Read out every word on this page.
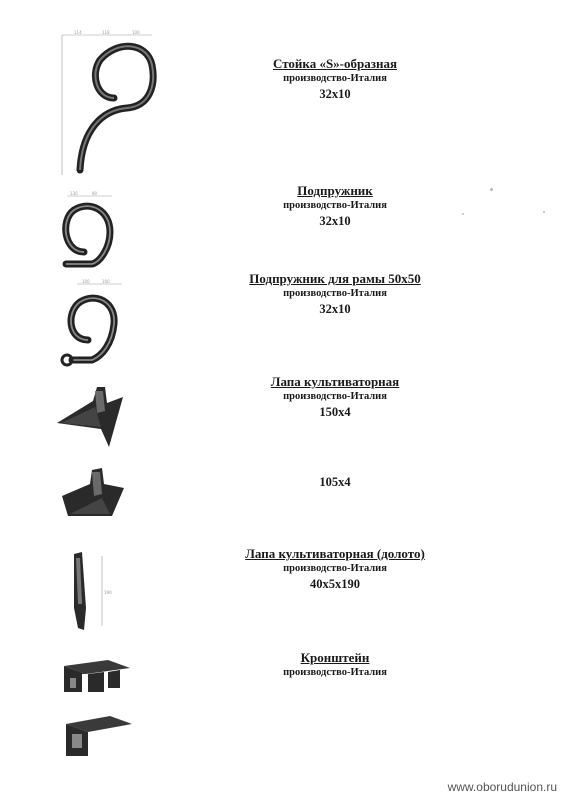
114	118	100
130	80
100	100
190
Стойка «S»-образная
производство-Италия
32x10
Подпружник
производство-Италия
32x10
Подпружник для рамы 50х50
производство-Италия
32x10
Лапа культиваторная
производство-Италия
150x4
105x4
Лапа культиваторная (долото)
производство-Италия
40x5x190
Кронштейн
производство-Италия
www.oborudunion.ru
